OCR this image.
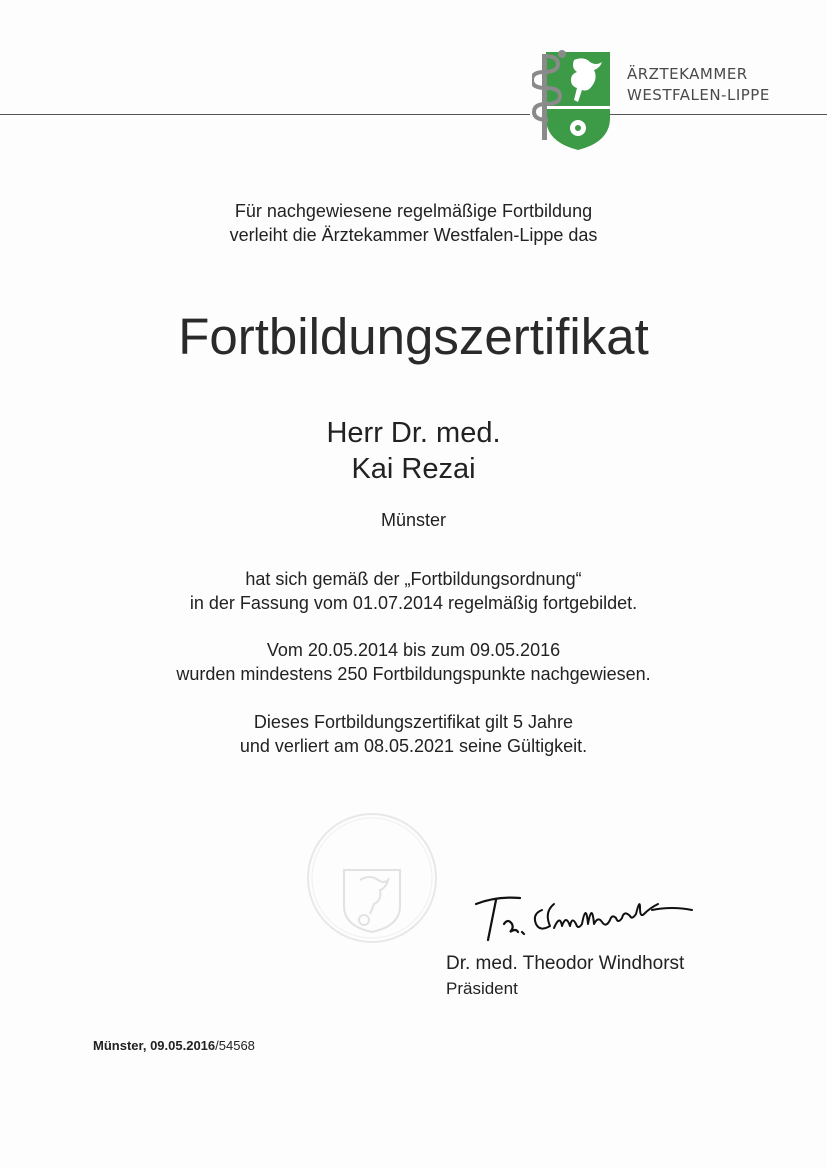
ÄRZTEKAMMER
WESTFALEN-LIPPE
Für nachgewiesene regelmäßige Fortbildung
verleiht die Ärztekammer Westfalen-Lippe das
Fortbildungszertifikat
Herr Dr. med.
Kai Rezai
Münster
hat sich gemäß der „Fortbildungsordnung“
in der Fassung vom 01.07.2014 regelmäßig fortgebildet.
Vom 20.05.2014 bis zum 09.05.2016
wurden mindestens 250 Fortbildungspunkte nachgewiesen.
Dieses Fortbildungszertifikat gilt 5 Jahre
und verliert am 08.05.2021 seine Gültigkeit.
Dr. med. Theodor Windhorst
Präsident
Münster, 09.05.2016/54568
